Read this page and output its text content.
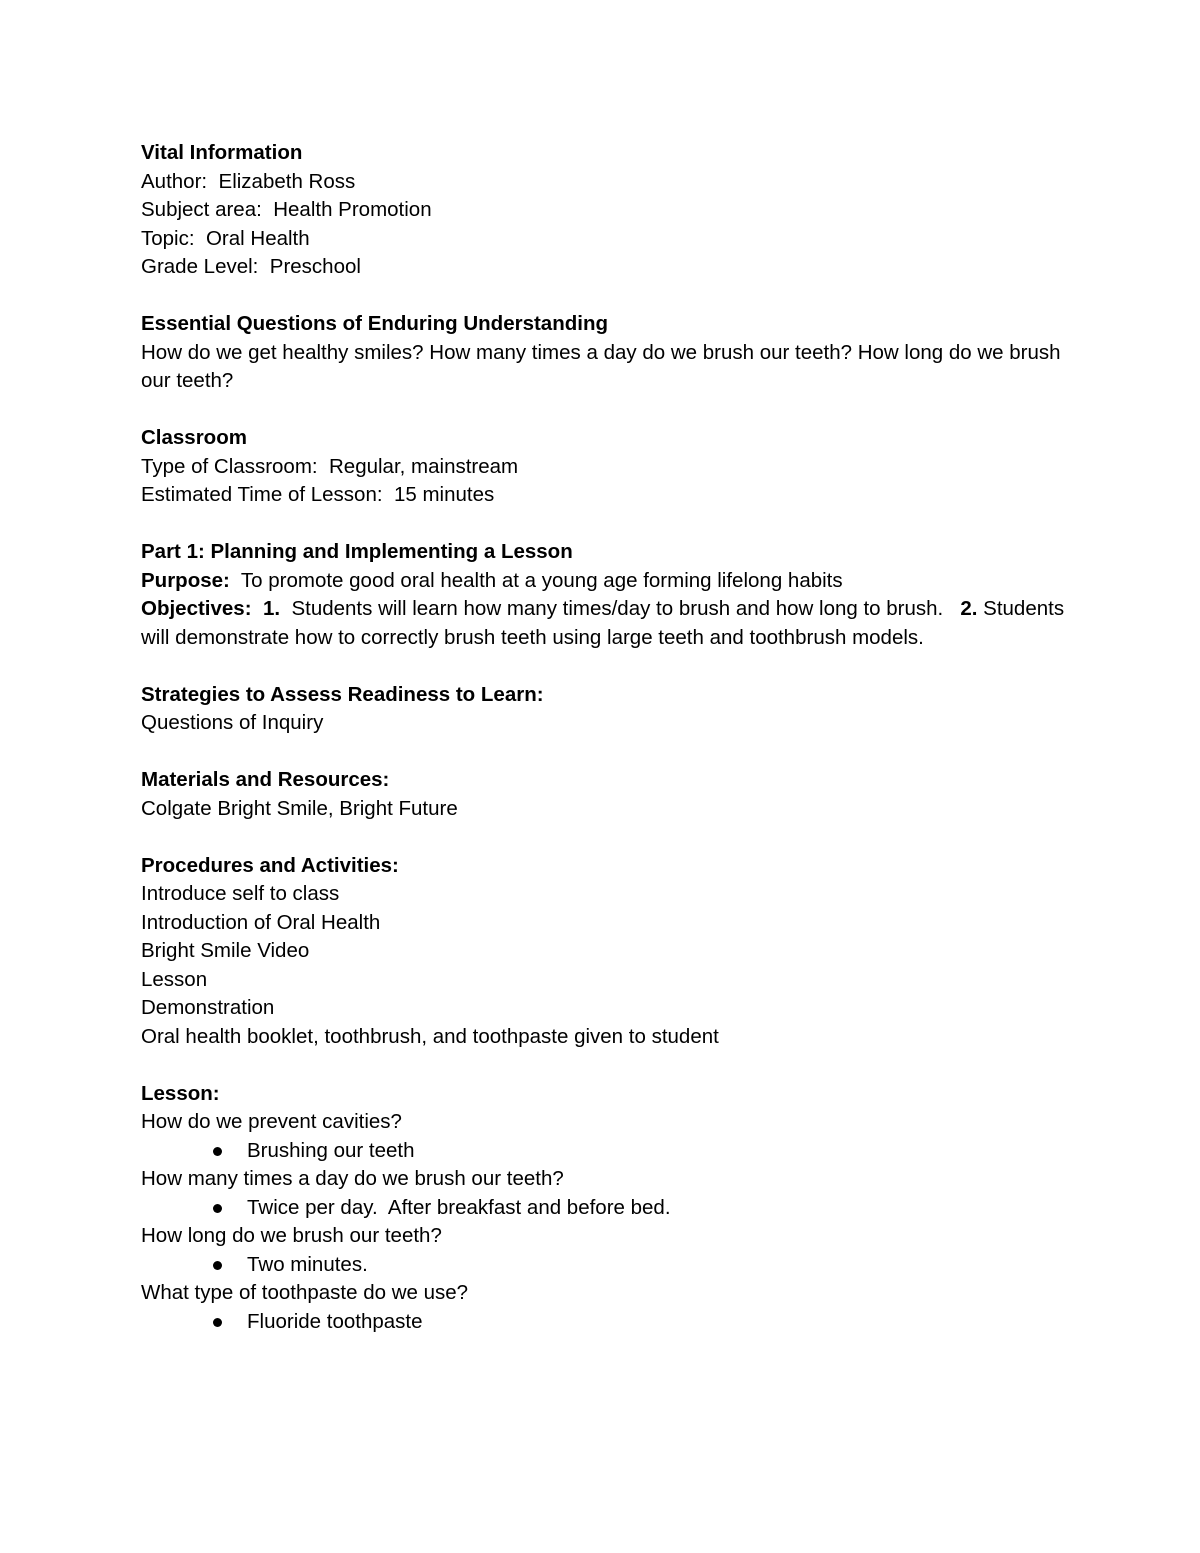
Vital Information
Author: Elizabeth Ross
Subject area: Health Promotion
Topic: Oral Health
Grade Level: Preschool
Essential Questions of Enduring Understanding
How do we get healthy smiles? How many times a day do we brush our teeth? How long do we brush our teeth?
Classroom
Type of Classroom: Regular, mainstream
Estimated Time of Lesson: 15 minutes
Part 1: Planning and Implementing a Lesson
Purpose: To promote good oral health at a young age forming lifelong habits
Objectives: 1. Students will learn how many times/day to brush and how long to brush. 2. Students will demonstrate how to correctly brush teeth using large teeth and toothbrush models.
Strategies to Assess Readiness to Learn:
Questions of Inquiry
Materials and Resources:
Colgate Bright Smile, Bright Future
Procedures and Activities:
Introduce self to class
Introduction of Oral Health
Bright Smile Video
Lesson
Demonstration
Oral health booklet, toothbrush, and toothpaste given to student
Lesson:
How do we prevent cavities?
Brushing our teeth
How many times a day do we brush our teeth?
Twice per day.  After breakfast and before bed.
How long do we brush our teeth?
Two minutes.
What type of toothpaste do we use?
Fluoride toothpaste
